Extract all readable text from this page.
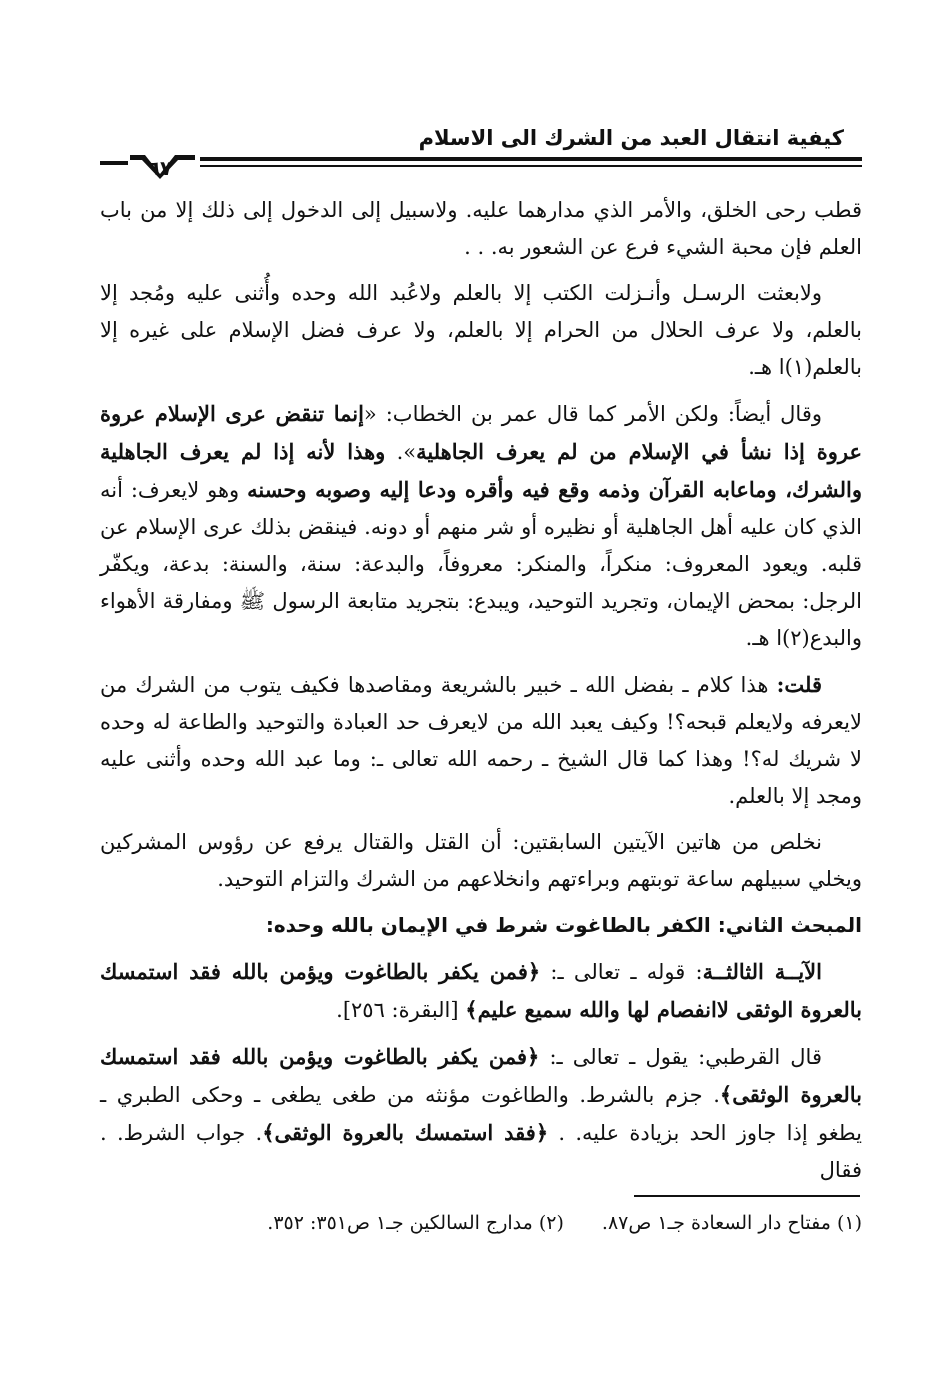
كيفية انتقال العبد من الشرك الى الاسلام
٦٧

قطب رحى الخلق، والأمر الذي مدارهما عليه. ولاسبيل إلى الدخول إلى ذلك إلا من باب العلم فإن محبة الشيء فرع عن الشعور به. . .

ولابعثت الرسـل وأنـزلت الكتب إلا بالعلم ولاعُبد الله وحده وأُثنى عليه ومُجد إلا بالعلم، ولا عرف الحلال من الحرام إلا بالعلم، ولا عرف فضل الإسلام على غيره إلا بالعلم(١)ا هـ.

وقال أيضاً: ولكن الأمر كما قال عمر بن الخطاب: «إنما تنقض عرى الإسلام عروة عروة إذا نشأ في الإسلام من لم يعرف الجاهلية». وهذا لأنه إذا لم يعرف الجاهلية والشرك، وماعابه القرآن وذمه وقع فيه وأقره ودعا إليه وصوبه وحسنه وهو لايعرف: أنه الذي كان عليه أهل الجاهلية أو نظيره أو شر منهم أو دونه. فينقض بذلك عرى الإسلام عن قلبه. ويعود المعروف: منكراً، والمنكر: معروفاً، والبدعة: سنة، والسنة: بدعة، ويكفّر الرجل: بمحض الإيمان، وتجريد التوحيد، ويبدع: بتجريد متابعة الرسول ﷺ ومفارقة الأهواء والبدع(٢)ا هـ.

قلت: هذا كلام ـ بفضل الله ـ خبير بالشريعة ومقاصدها فكيف يتوب من الشرك من لايعرفه ولايعلم قبحه؟! وكيف يعبد الله من لايعرف حد العبادة والتوحيد والطاعة له وحده لا شريك له؟! وهذا كما قال الشيخ ـ رحمه الله تعالى ـ: وما عبد الله وحده وأثنى عليه ومجد إلا بالعلم.

نخلص من هاتين الآيتين السابقتين: أن القتل والقتال يرفع عن رؤوس المشركين ويخلي سبيلهم ساعة توبتهم وبراءتهم وانخلاعهم من الشرك والتزام التوحيد.

المبحث الثاني: الكفر بالطاغوت شرط في الإيمان بالله وحده:

الآيــة الثالثــة: قوله ـ تعالى ـ: ﴿فمن يكفر بالطاغوت ويؤمن بالله فقد استمسك بالعروة الوثقى لاانفصام لها والله سميع عليم﴾ [البقرة: ٢٥٦].

قال القرطبي: يقول ـ تعالى ـ: ﴿فمن يكفر بالطاغوت ويؤمن بالله فقد استمسك بالعروة الوثقى﴾. جزم بالشرط. والطاغوت مؤنثه من طغى يطغى ـ وحكى الطبري ـ يطغو إذا جاوز الحد بزيادة عليه. . ﴿فقد استمسك بالعروة الوثقى﴾. جواب الشرط. . فقال

(١) مفتاح دار السعادة جـ١ ص٨٧.(٢) مدارج السالكين جـ١ ص٣٥١: ٣٥٢.
